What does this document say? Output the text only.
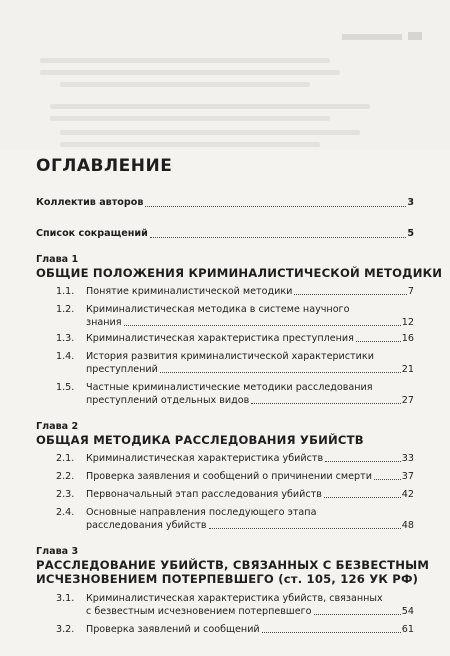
ОГЛАВЛЕНИЕ
Коллектив авторов	3
Список сокращений	5
Глава 1
ОБЩИЕ ПОЛОЖЕНИЯ КРИМИНАЛИСТИЧЕСКОЙ МЕТОДИКИ
1.1.	Понятие криминалистической методики	7
1.2.	Криминалистическая методика в системе научного
знания	12
1.3.	Криминалистическая характеристика преступления	16
1.4.	История развития криминалистической характеристики
преступлений	21
1.5.	Частные криминалистические методики расследования
преступлений отдельных видов	27
Глава 2
ОБЩАЯ МЕТОДИКА РАССЛЕДОВАНИЯ УБИЙСТВ
2.1.	Криминалистическая характеристика убийств	33
2.2.	Проверка заявления и сообщений о причинении смерти	37
2.3.	Первоначальный этап расследования убийств	42
2.4.	Основные направления последующего этапа
расследования убийств	48
Глава 3
РАССЛЕДОВАНИЕ УБИЙСТВ, СВЯЗАННЫХ С БЕЗВЕСТНЫМ
ИСЧЕЗНОВЕНИЕМ ПОТЕРПЕВШЕГО (ст. 105, 126 УК РФ)
3.1.	Криминалистическая характеристика убийств, связанных
с безвестным исчезновением потерпевшего	54
3.2.	Проверка заявлений и сообщений	61
